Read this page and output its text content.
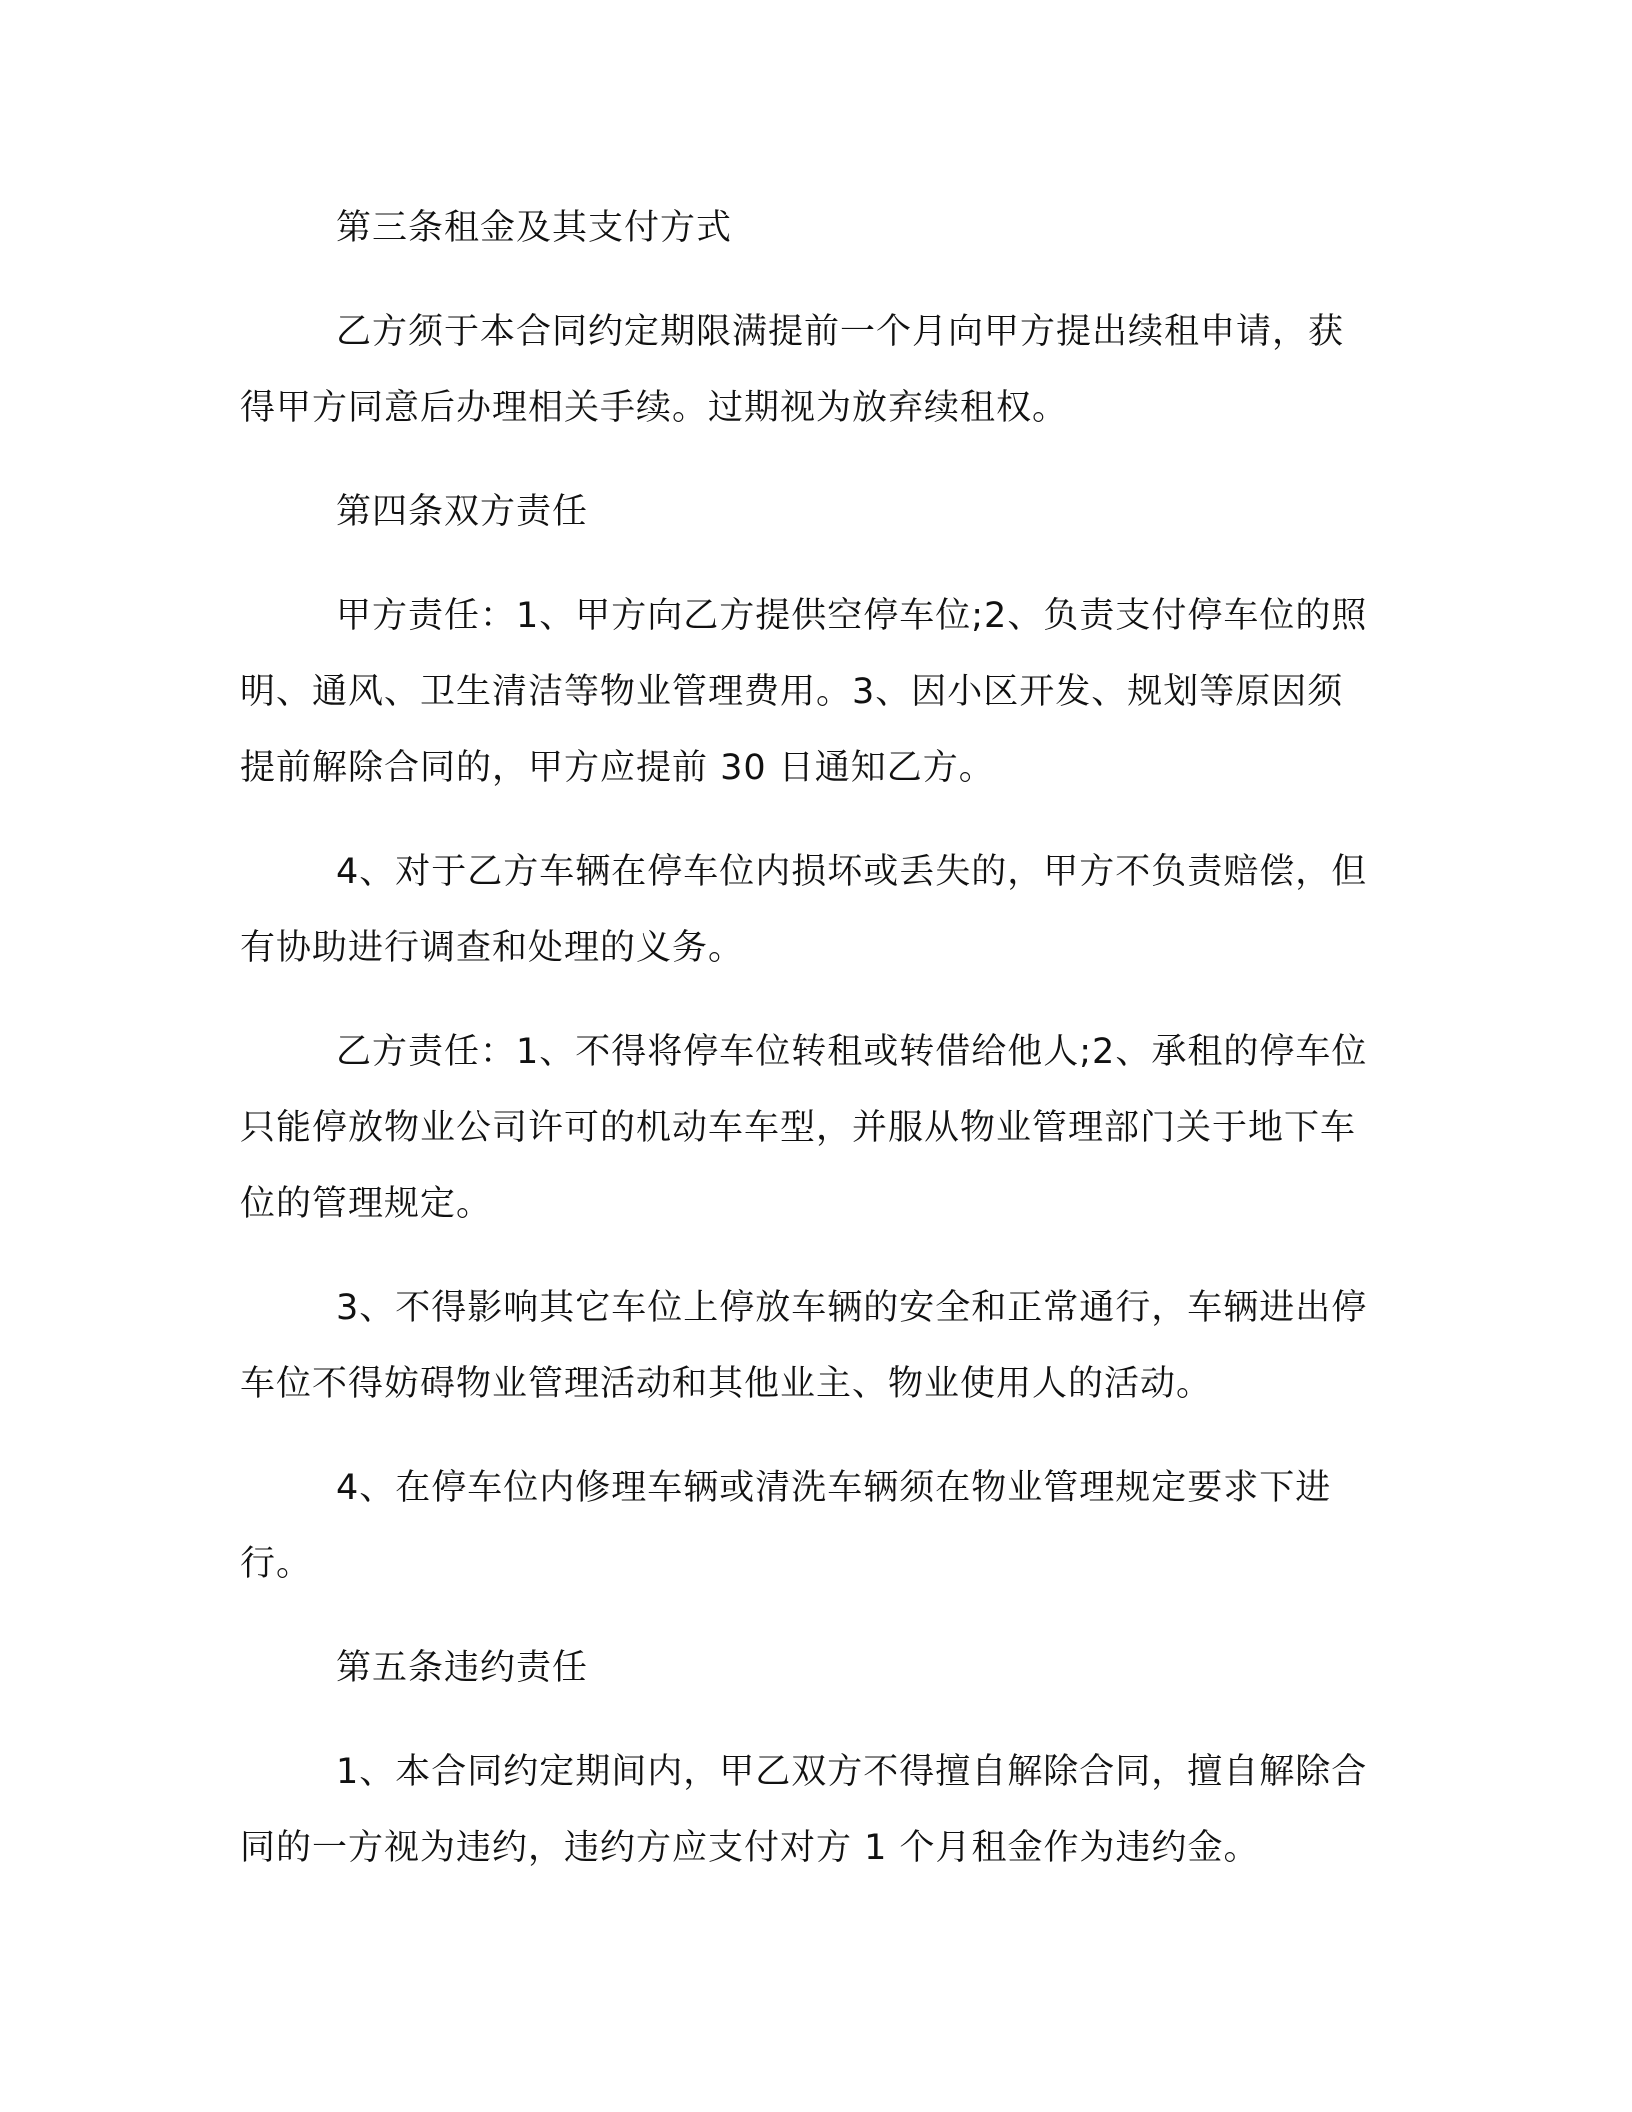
第三条租金及其支付方式

乙方须于本合同约定期限满提前一个月向甲方提出续租申请，获得甲方同意后办理相关手续。过期视为放弃续租权。

第四条双方责任

甲方责任：1、甲方向乙方提供空停车位;2、负责支付停车位的照明、通风、卫生清洁等物业管理费用。3、因小区开发、规划等原因须提前解除合同的，甲方应提前 30 日通知乙方。

4、对于乙方车辆在停车位内损坏或丢失的，甲方不负责赔偿，但有协助进行调查和处理的义务。

乙方责任：1、不得将停车位转租或转借给他人;2、承租的停车位只能停放物业公司许可的机动车车型，并服从物业管理部门关于地下车位的管理规定。

3、不得影响其它车位上停放车辆的安全和正常通行，车辆进出停车位不得妨碍物业管理活动和其他业主、物业使用人的活动。

4、在停车位内修理车辆或清洗车辆须在物业管理规定要求下进行。

第五条违约责任

1、本合同约定期间内，甲乙双方不得擅自解除合同，擅自解除合同的一方视为违约，违约方应支付对方 1 个月租金作为违约金。
